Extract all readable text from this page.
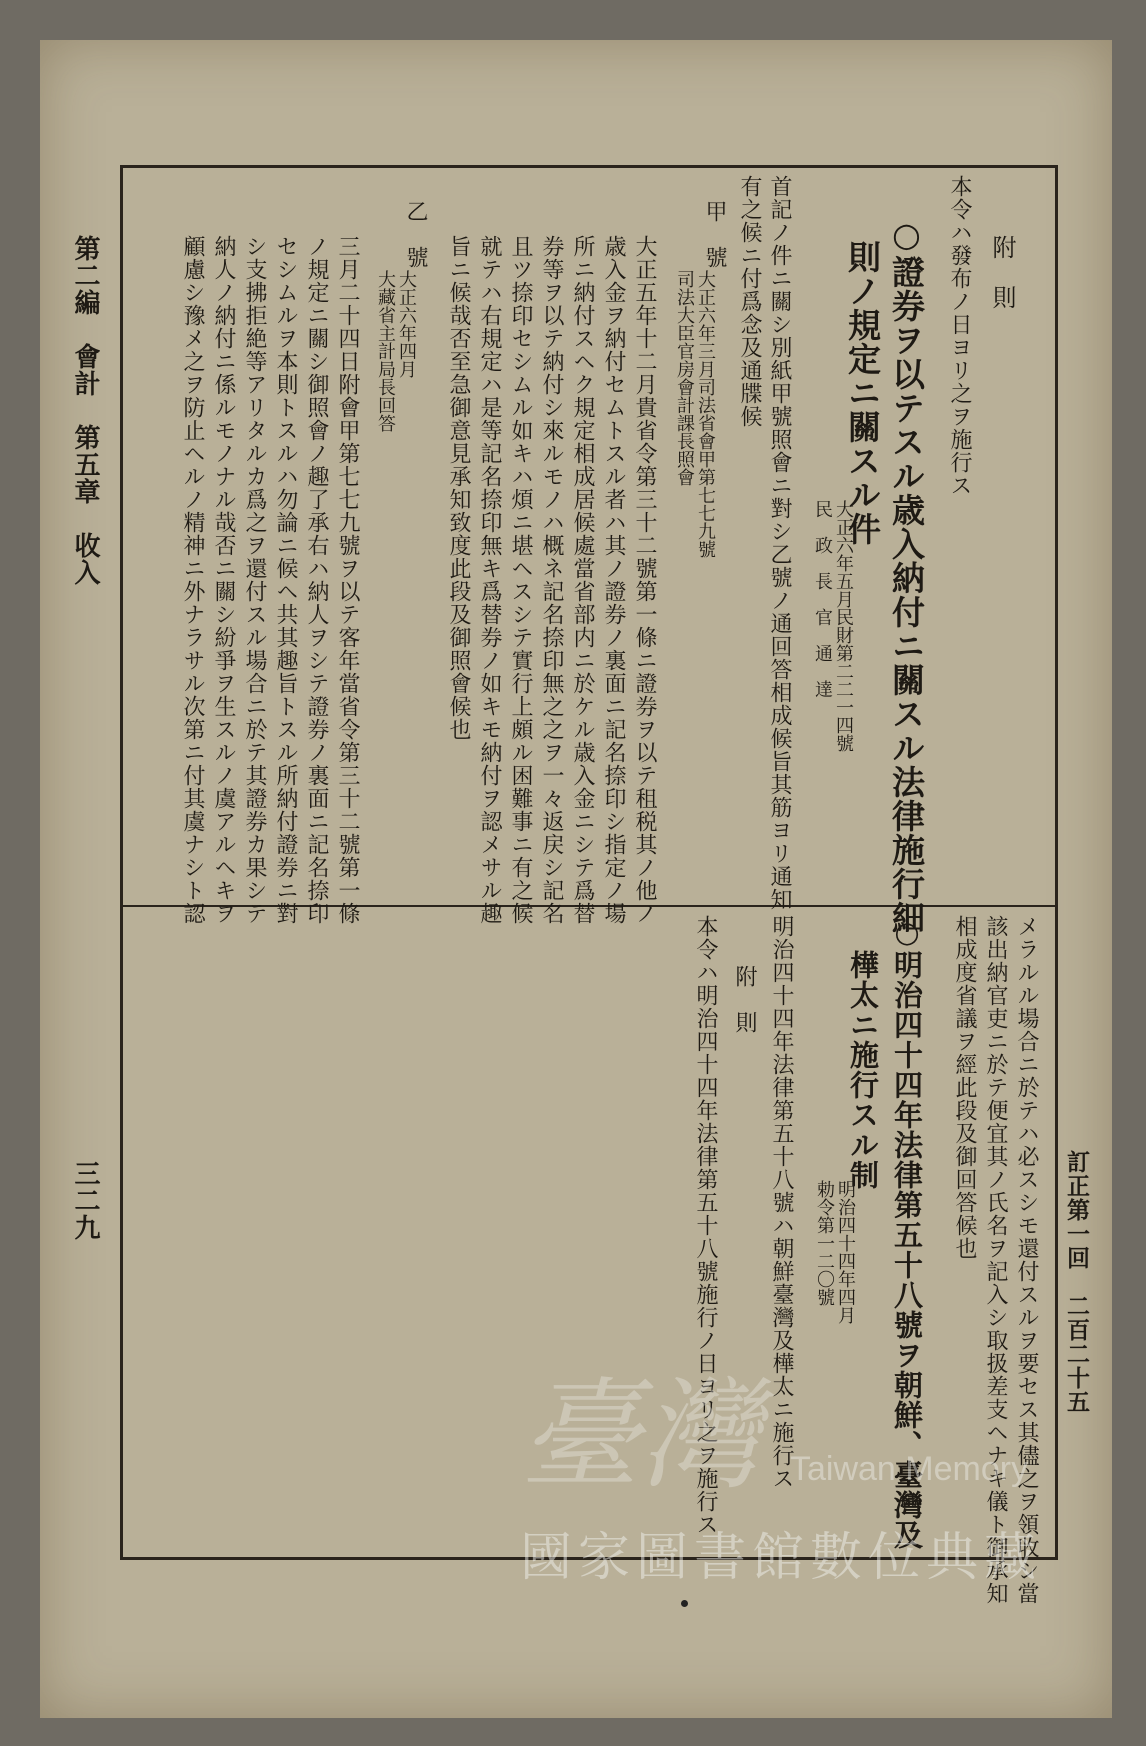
第二編　會計　第五章　收入
三二九	訂正第一回　二百二十五
附　則
本令ハ發布ノ日ヨリ之ヲ施行ス
○證券ヲ以テスル歳入納付ニ關スル法律施行細
則ノ規定ニ關スル件
大正六年五月民財第二二一四號
民　政　長　官　通　達
首記ノ件ニ關シ別紙甲號照會ニ對シ乙號ノ通回答相成候旨其筋ヨリ通知
有之候ニ付爲念及通牒候
甲　號
大正六年三月司法省會甲第七七九號
司法大臣官房會計課長照會
大正五年十二月貴省令第三十二號第一條ニ證券ヲ以テ租税其ノ他ノ
歳入金ヲ納付セムトスル者ハ其ノ證券ノ裏面ニ記名捺印シ指定ノ場
所ニ納付スヘク規定相成居候處當省部内ニ於ケル歳入金ニシテ爲替
券等ヲ以テ納付シ來ルモノハ概ネ記名捺印無之之ヲ一々返戻シ記名
且ツ捺印セシムル如キハ煩ニ堪ヘスシテ實行上頗ル困難事ニ有之候
就テハ右規定ハ是等記名捺印無キ爲替券ノ如キモ納付ヲ認メサル趣
旨ニ候哉否至急御意見承知致度此段及御照會候也
乙　號
大正六年四月
大藏省主計局長回答
三月二十四日附會甲第七七九號ヲ以テ客年當省令第三十二號第一條
ノ規定ニ關シ御照會ノ趣了承右ハ納人ヲシテ證券ノ裏面ニ記名捺印
セシムルヲ本則トスルハ勿論ニ候ヘ共其趣旨トスル所納付證券ニ對
シ支拂拒絶等アリタルカ爲之ヲ還付スル場合ニ於テ其證券カ果シテ
納人ノ納付ニ係ルモノナル哉否ニ關シ紛爭ヲ生スルノ虞アルヘキヲ
顧慮シ豫メ之ヲ防止ヘルノ精神ニ外ナラサル次第ニ付其虞ナシト認
メラルル場合ニ於テハ必スシモ還付スルヲ要セス其儘之ヲ領收シ當
該出納官吏ニ於テ便宜其ノ氏名ヲ記入シ取扱差支ヘナキ儀ト御承知
相成度省議ヲ經此段及御回答候也
○明治四十四年法律第五十八號ヲ朝鮮、臺灣及
樺太ニ施行スル制
明治四十四年四月
勅令第一二〇號
明治四十四年法律第五十八號ハ朝鮮臺灣及樺太ニ施行ス
附　則
本令ハ明治四十四年法律第五十八號施行ノ日ヨリ之ヲ施行ス
臺灣 Taiwan Memory
國家圖書館數位典藏
